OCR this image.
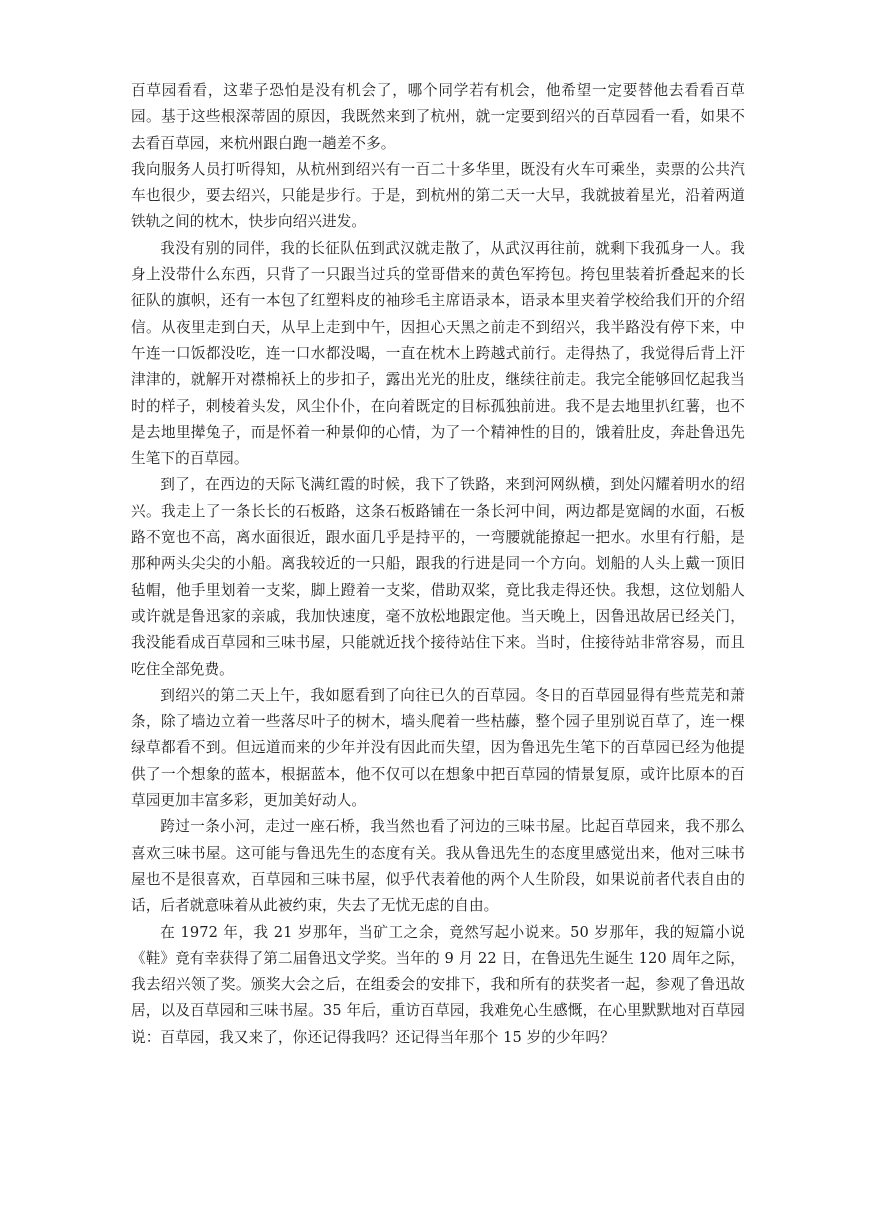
百草园看看，这辈子恐怕是没有机会了，哪个同学若有机会，他希望一定要替他去看看百草园。基于这些根深蒂固的原因，我既然来到了杭州，就一定要到绍兴的百草园看一看，如果不去看百草园，来杭州跟白跑一趟差不多。

我向服务人员打听得知，从杭州到绍兴有一百二十多华里，既没有火车可乘坐，卖票的公共汽车也很少，要去绍兴，只能是步行。于是，到杭州的第二天一大早，我就披着星光，沿着两道铁轨之间的枕木，快步向绍兴进发。

我没有别的同伴，我的长征队伍到武汉就走散了，从武汉再往前，就剩下我孤身一人。我身上没带什么东西，只背了一只跟当过兵的堂哥借来的黄色军挎包。挎包里装着折叠起来的长征队的旗帜，还有一本包了红塑料皮的袖珍毛主席语录本，语录本里夹着学校给我们开的介绍信。从夜里走到白天，从早上走到中午，因担心天黑之前走不到绍兴，我半路没有停下来，中午连一口饭都没吃，连一口水都没喝，一直在枕木上跨越式前行。走得热了，我觉得后背上汗津津的，就解开对襟棉袄上的步扣子，露出光光的肚皮，继续往前走。我完全能够回忆起我当时的样子，剌棱着头发，风尘仆仆，在向着既定的目标孤独前进。我不是去地里扒红薯，也不是去地里撵兔子，而是怀着一种景仰的心情，为了一个精神性的目的，饿着肚皮，奔赴鲁迅先生笔下的百草园。

到了，在西边的天际飞满红霞的时候，我下了铁路，来到河网纵横，到处闪耀着明水的绍兴。我走上了一条长长的石板路，这条石板路铺在一条长河中间，两边都是宽阔的水面，石板路不宽也不高，离水面很近，跟水面几乎是持平的，一弯腰就能撩起一把水。水里有行船，是那种两头尖尖的小船。离我较近的一只船，跟我的行进是同一个方向。划船的人头上戴一顶旧毡帽，他手里划着一支桨，脚上蹬着一支桨，借助双桨，竟比我走得还快。我想，这位划船人或许就是鲁迅家的亲戚，我加快速度，毫不放松地跟定他。当天晚上，因鲁迅故居已经关门，我没能看成百草园和三味书屋，只能就近找个接待站住下来。当时，住接待站非常容易，而且吃住全部免费。

到绍兴的第二天上午，我如愿看到了向往已久的百草园。冬日的百草园显得有些荒芜和萧条，除了墙边立着一些落尽叶子的树木，墙头爬着一些枯藤，整个园子里别说百草了，连一棵绿草都看不到。但远道而来的少年并没有因此而失望，因为鲁迅先生笔下的百草园已经为他提供了一个想象的蓝本，根据蓝本，他不仅可以在想象中把百草园的情景复原，或许比原本的百草园更加丰富多彩，更加美好动人。

跨过一条小河，走过一座石桥，我当然也看了河边的三味书屋。比起百草园来，我不那么喜欢三味书屋。这可能与鲁迅先生的态度有关。我从鲁迅先生的态度里感觉出来，他对三味书屋也不是很喜欢，百草园和三味书屋，似乎代表着他的两个人生阶段，如果说前者代表自由的话，后者就意味着从此被约束，失去了无忧无虑的自由。

在 1972 年，我 21 岁那年，当矿工之余，竟然写起小说来。50 岁那年，我的短篇小说《鞋》竟有幸获得了第二届鲁迅文学奖。当年的 9 月 22 日，在鲁迅先生诞生 120 周年之际，我去绍兴领了奖。颁奖大会之后，在组委会的安排下，我和所有的获奖者一起，参观了鲁迅故居，以及百草园和三味书屋。35 年后，重访百草园，我难免心生感慨，在心里默默地对百草园说：百草园，我又来了，你还记得我吗？还记得当年那个 15 岁的少年吗？
